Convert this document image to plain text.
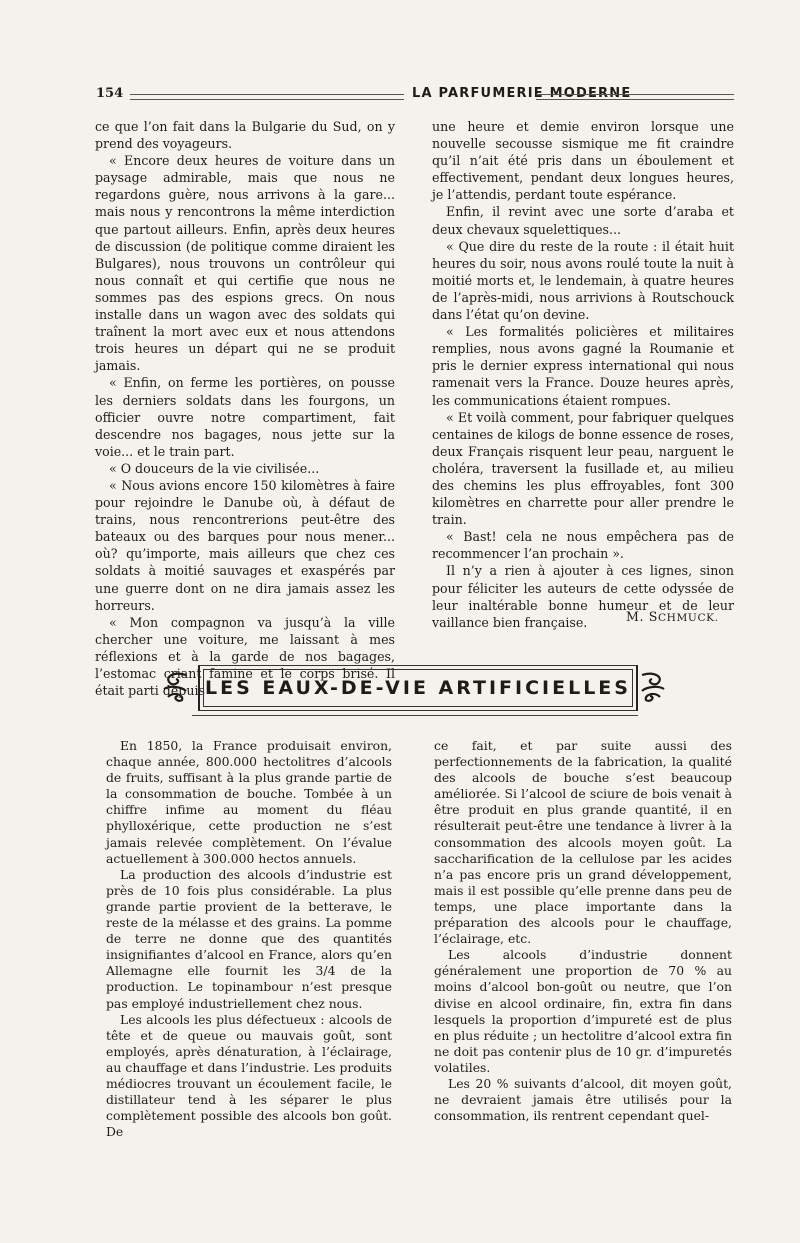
154	LA PARFUMERIE MODERNE

ce que l’on fait dans la Bulgarie du Sud, on y prend des voyageurs.

« Encore deux heures de voiture dans un paysage admirable, mais que nous ne regardons guère, nous arrivons à la gare... mais nous y rencontrons la même interdiction que partout ailleurs. Enfin, après deux heures de discussion (de politique comme diraient les Bulgares), nous trouvons un contrôleur qui nous connaît et qui certifie que nous ne sommes pas des espions grecs. On nous installe dans un wagon avec des soldats qui traînent la mort avec eux et nous attendons trois heures un départ qui ne se produit jamais.

« Enfin, on ferme les portières, on pousse les derniers soldats dans les fourgons, un officier ouvre notre compartiment, fait descendre nos bagages, nous jette sur la voie... et le train part.

« O douceurs de la vie civilisée...

« Nous avions encore 150 kilomètres à faire pour rejoindre le Danube où, à défaut de trains, nous rencontrerions peut-être des bateaux ou des barques pour nous mener... où? qu’importe, mais ailleurs que chez ces soldats à moitié sauvages et exaspérés par une guerre dont on ne dira jamais assez les horreurs.

« Mon compagnon va jusqu’à la ville chercher une voiture, me laissant à mes réflexions et à la garde de nos bagages, l’estomac criant famine et le corps brisé. Il était parti depuis

une heure et demie environ lorsque une nouvelle secousse sismique me fit craindre qu’il n’ait été pris dans un éboulement et effectivement, pendant deux longues heures, je l’attendis, perdant toute espérance.

Enfin, il revint avec une sorte d’araba et deux chevaux squelettiques...

« Que dire du reste de la route : il était huit heures du soir, nous avons roulé toute la nuit à moitié morts et, le lendemain, à quatre heures de l’après-midi, nous arrivions à Routschouck dans l’état qu’on devine.

« Les formalités policières et militaires remplies, nous avons gagné la Roumanie et pris le dernier express international qui nous ramenait vers la France. Douze heures après, les communications étaient rompues.

« Et voilà comment, pour fabriquer quelques centaines de kilogs de bonne essence de roses, deux Français risquent leur peau, narguent le choléra, traversent la fusillade et, au milieu des chemins les plus effroyables, font 300 kilomètres en charrette pour aller prendre le train.

« Bast! cela ne nous empêchera pas de recommencer l’an prochain ».

Il n’y a rien à ajouter à ces lignes, sinon pour féliciter les auteurs de cette odyssée de leur inaltérable bonne humeur et de leur vaillance bien française.	M. SCHMUCK.
LES EAUX-DE-VIE ARTIFICIELLES

En 1850, la France produisait environ, chaque année, 800.000 hectolitres d’alcools de fruits, suffisant à la plus grande partie de la consommation de bouche. Tombée à un chiffre infime au moment du fléau phylloxérique, cette production ne s’est jamais relevée complètement. On l’évalue actuellement à 300.000 hectos annuels.

La production des alcools d’industrie est près de 10 fois plus considérable. La plus grande partie provient de la betterave, le reste de la mélasse et des grains. La pomme de terre ne donne que des quantités insignifiantes d’alcool en France, alors qu’en Allemagne elle fournit les 3/4 de la production. Le topinambour n’est presque pas employé industriellement chez nous.

Les alcools les plus défectueux : alcools de tête et de queue ou mauvais goût, sont employés, après dénaturation, à l’éclairage, au chauffage et dans l’industrie. Les produits médiocres trouvant un écoulement facile, le distillateur tend à les séparer le plus complètement possible des alcools bon goût. De

ce fait, et par suite aussi des perfectionnements de la fabrication, la qualité des alcools de bouche s’est beaucoup améliorée. Si l’alcool de sciure de bois venait à être produit en plus grande quantité, il en résulterait peut-être une tendance à livrer à la consommation des alcools moyen goût. La saccharification de la cellulose par les acides n’a pas encore pris un grand développement, mais il est possible qu’elle prenne dans peu de temps, une place importante dans la préparation des alcools pour le chauffage, l’éclairage, etc.

Les alcools d’industrie donnent généralement une proportion de 70 % au moins d’alcool bon-goût ou neutre, que l’on divise en alcool ordinaire, fin, extra fin dans lesquels la proportion d’impureté est de plus en plus réduite ; un hectolitre d’alcool extra fin ne doit pas contenir plus de 10 gr. d’impuretés volatiles.

Les 20 % suivants d’alcool, dit moyen goût, ne devraient jamais être utilisés pour la consommation, ils rentrent cependant quel-
